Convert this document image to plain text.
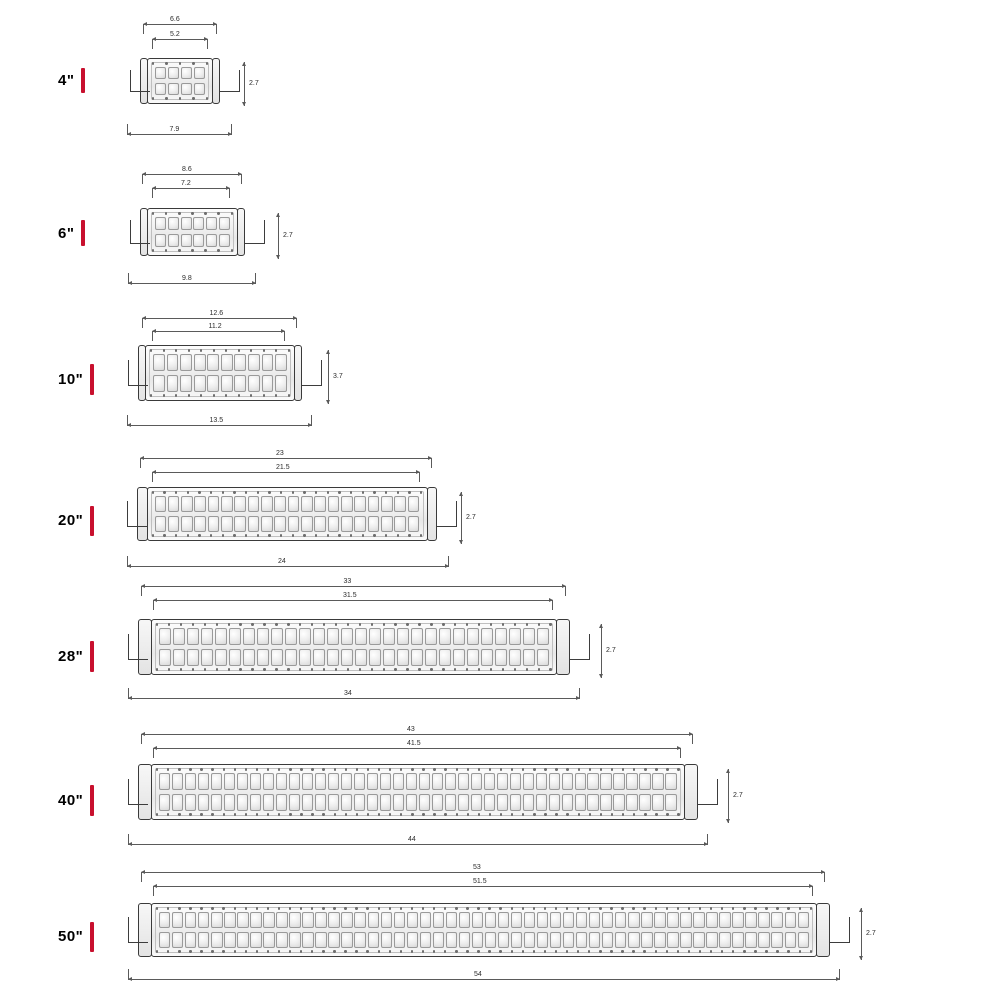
4"
6.6
5.2
7.9
2.7
6"
8.6
7.2
9.8
2.7
10"
12.6
11.2
13.5
3.7
20"
23
21.5
24
2.7
28"
33
31.5
34
2.7
40"
43
41.5
44
2.7
50"
53
51.5
54
2.7
